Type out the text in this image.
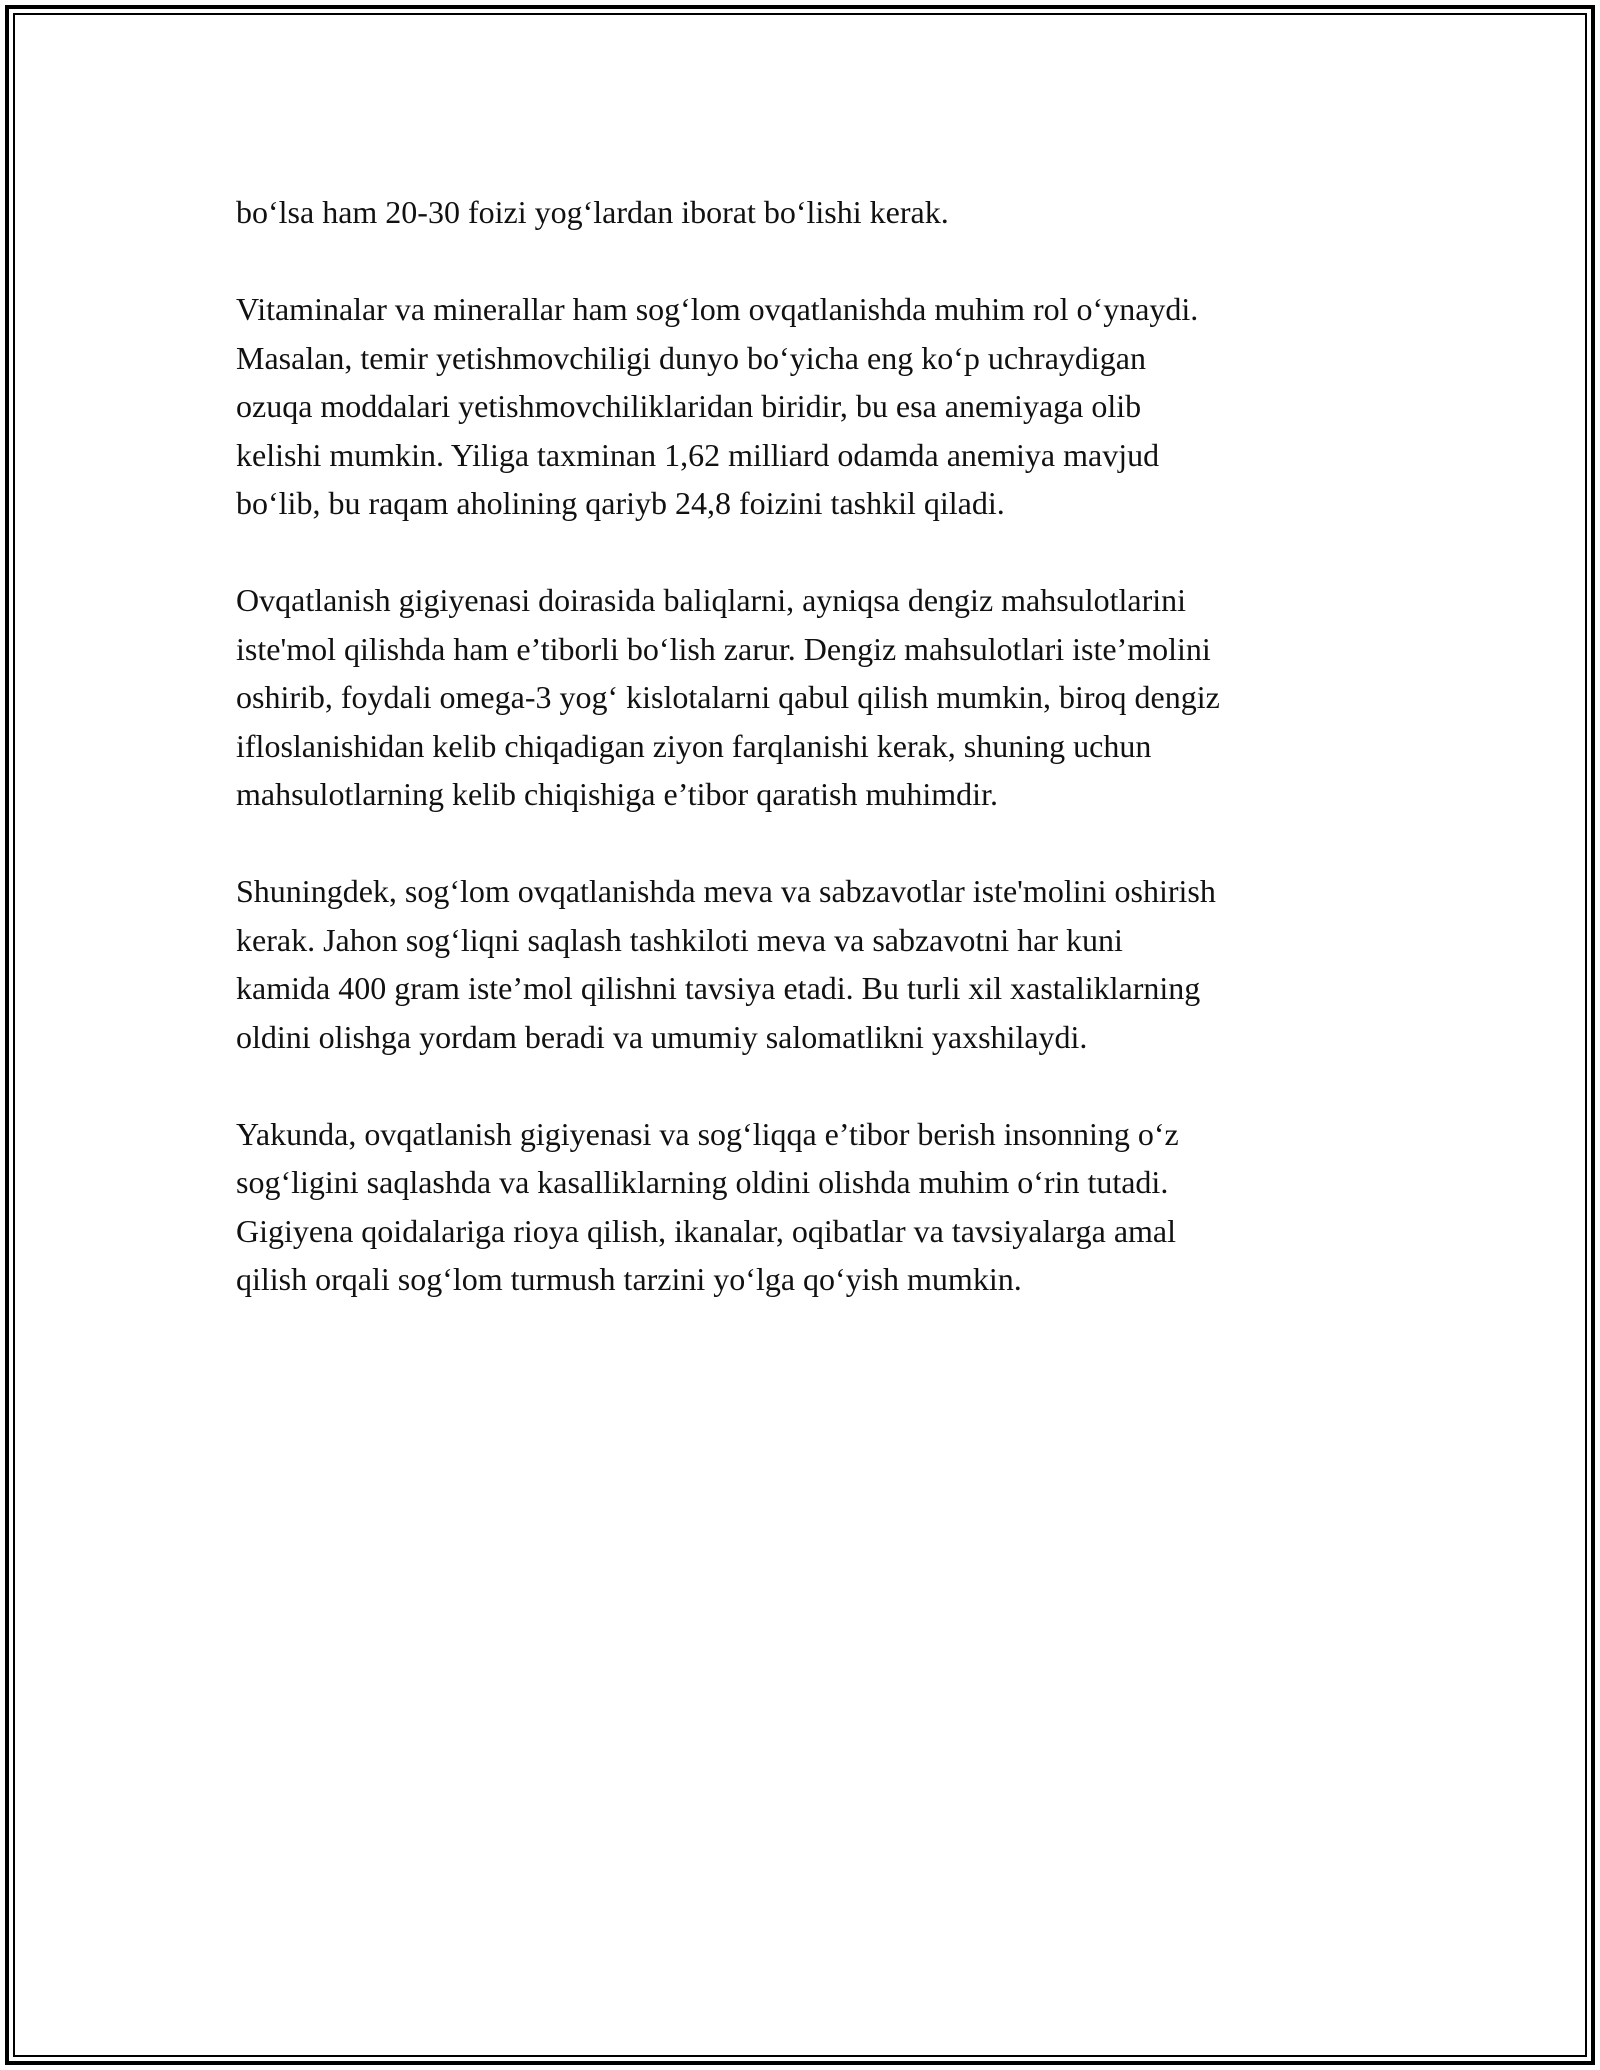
bo‘lsa ham 20-30 foizi yog‘lardan iborat bo‘lishi kerak.

Vitaminalar va minerallar ham sog‘lom ovqatlanishda muhim rol o‘ynaydi.
Masalan, temir yetishmovchiligi dunyo bo‘yicha eng ko‘p uchraydigan
ozuqa moddalari yetishmovchiliklaridan biridir, bu esa anemiyaga olib
kelishi mumkin. Yiliga taxminan 1,62 milliard odamda anemiya mavjud
bo‘lib, bu raqam aholining qariyb 24,8 foizini tashkil qiladi.

Ovqatlanish gigiyenasi doirasida baliqlarni, ayniqsa dengiz mahsulotlarini
iste'mol qilishda ham e’tiborli bo‘lish zarur. Dengiz mahsulotlari iste’molini
oshirib, foydali omega-3 yog‘ kislotalarni qabul qilish mumkin, biroq dengiz
ifloslanishidan kelib chiqadigan ziyon farqlanishi kerak, shuning uchun
mahsulotlarning kelib chiqishiga e’tibor qaratish muhimdir.

Shuningdek, sog‘lom ovqatlanishda meva va sabzavotlar iste'molini oshirish
kerak. Jahon sog‘liqni saqlash tashkiloti meva va sabzavotni har kuni
kamida 400 gram iste’mol qilishni tavsiya etadi. Bu turli xil xastaliklarning
oldini olishga yordam beradi va umumiy salomatlikni yaxshilaydi.

Yakunda, ovqatlanish gigiyenasi va sog‘liqqa e’tibor berish insonning o‘z
sog‘ligini saqlashda va kasalliklarning oldini olishda muhim o‘rin tutadi.
Gigiyena qoidalariga rioya qilish, ikanalar, oqibatlar va tavsiyalarga amal
qilish orqali sog‘lom turmush tarzini yo‘lga qo‘yish mumkin.
